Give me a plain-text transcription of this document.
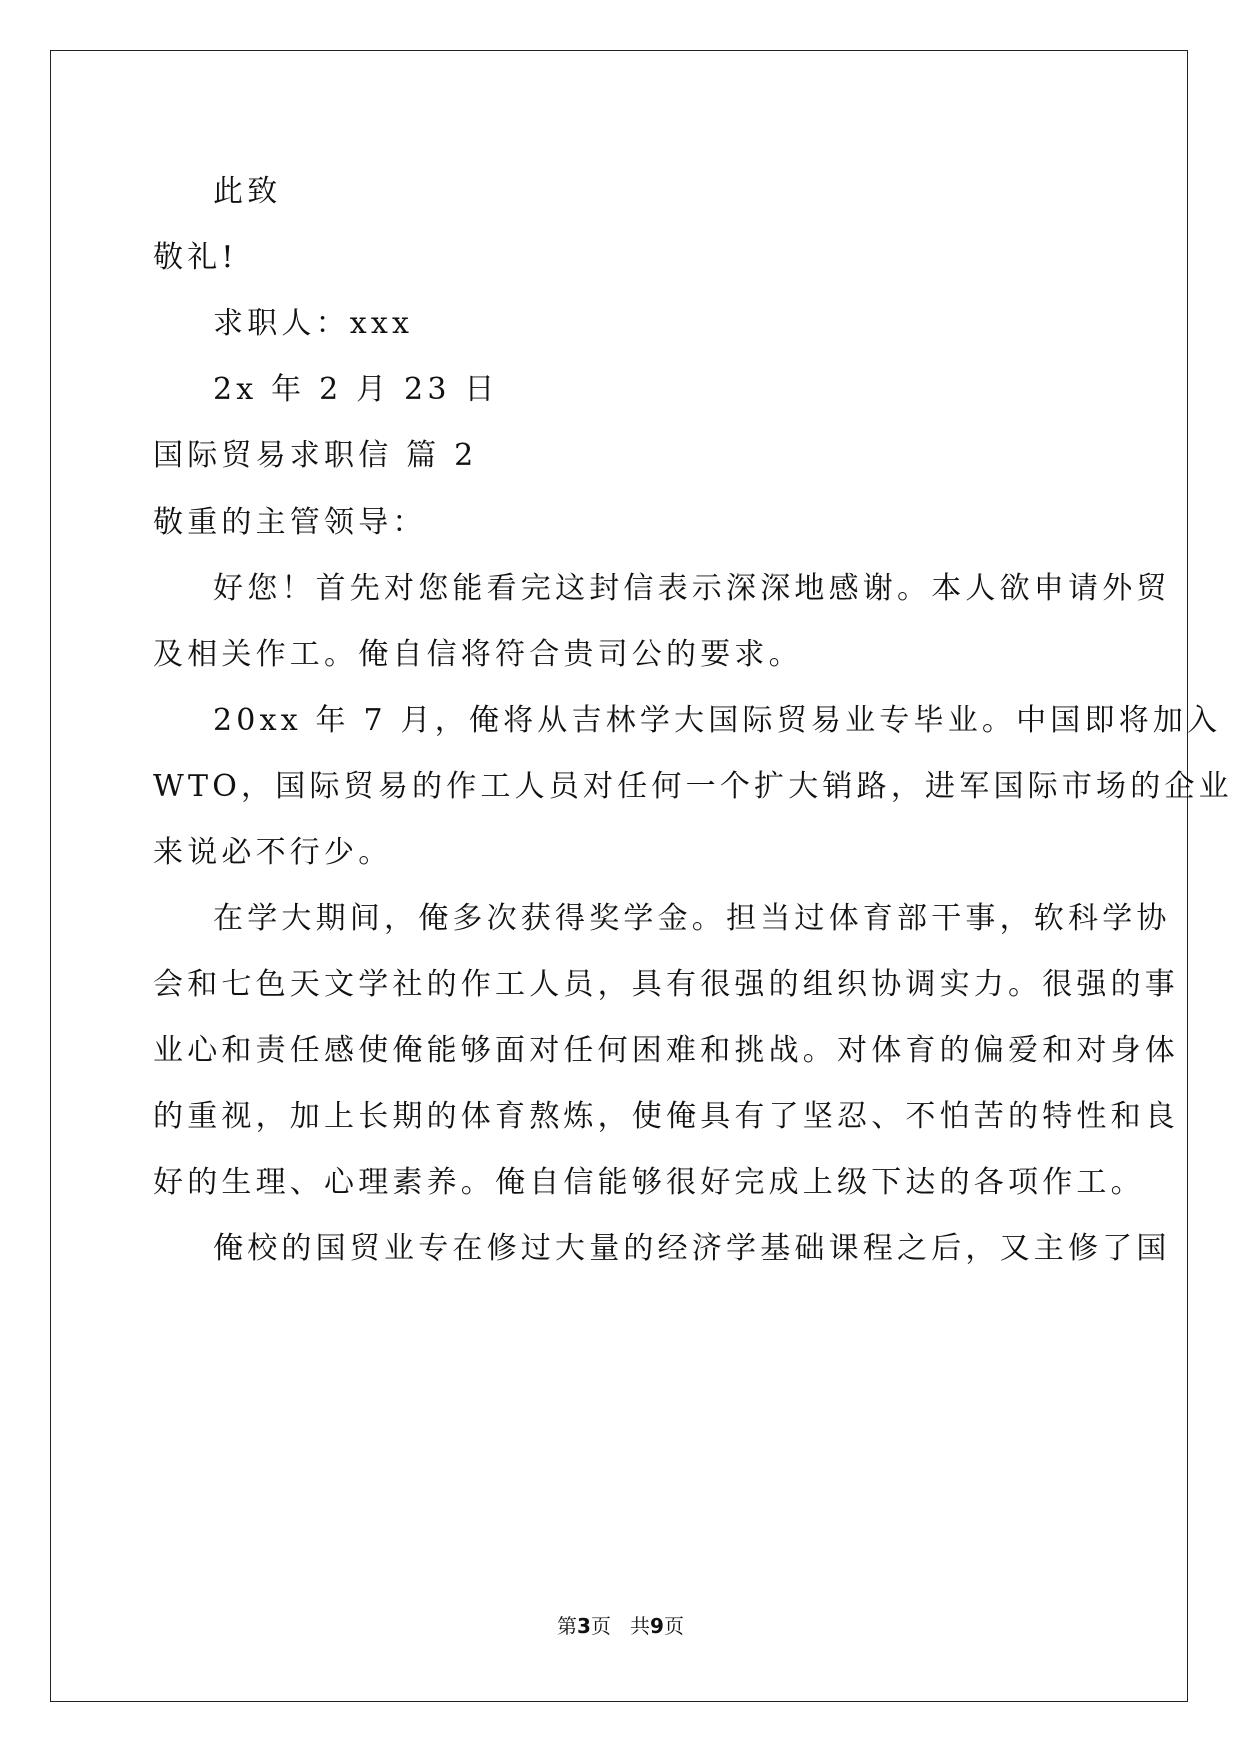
此致
敬礼!
求职人：xxx
2x 年 2 月 23 日
国际贸易求职信 篇 2
敬重的主管领导：
好您！首先对您能看完这封信表示深深地感谢。本人欲申请外贸
及相关作工。俺自信将符合贵司公的要求。
20xx 年 7 月，俺将从吉林学大国际贸易业专毕业。中国即将加入
WTO，国际贸易的作工人员对任何一个扩大销路，进军国际市场的企业
来说必不行少。
在学大期间，俺多次获得奖学金。担当过体育部干事，软科学协
会和七色天文学社的作工人员，具有很强的组织协调实力。很强的事
业心和责任感使俺能够面对任何困难和挑战。对体育的偏爱和对身体
的重视，加上长期的体育熬炼，使俺具有了坚忍、不怕苦的特性和良
好的生理、心理素养。俺自信能够很好完成上级下达的各项作工。
俺校的国贸业专在修过大量的经济学基础课程之后，又主修了国
第3页 共9页
